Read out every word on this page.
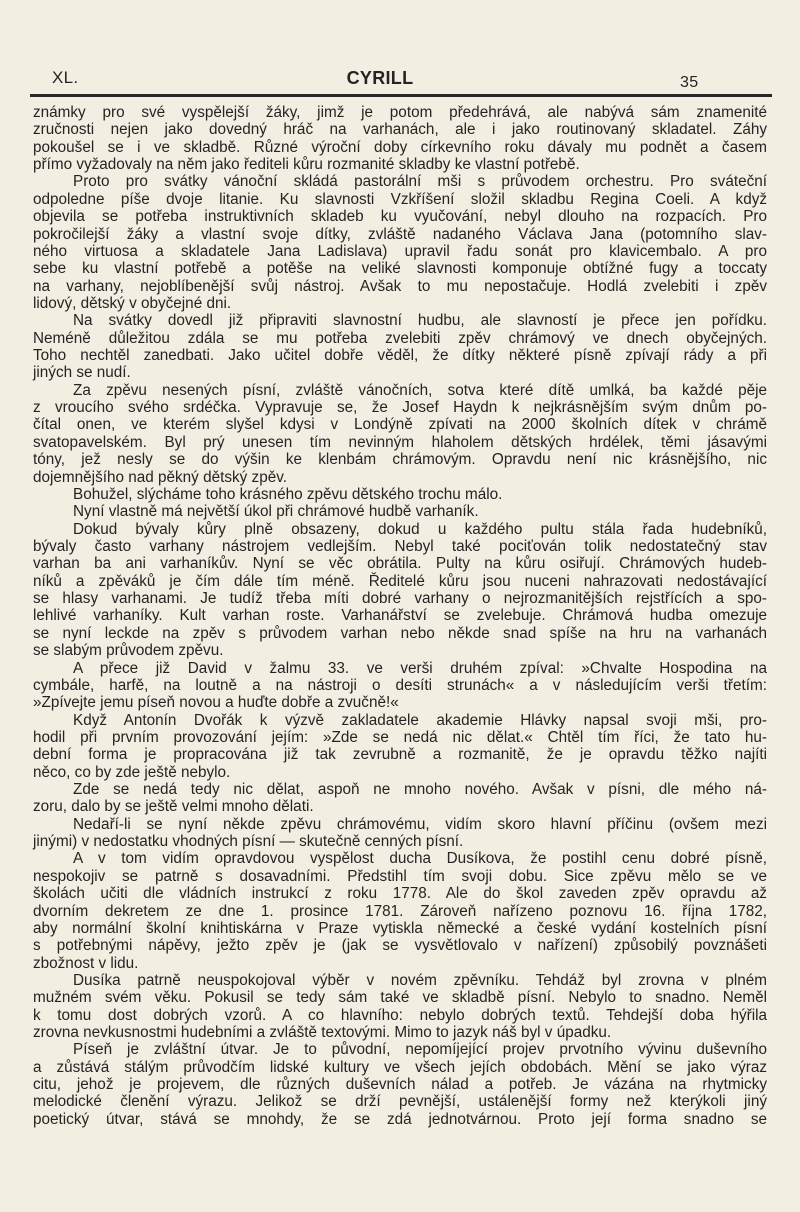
XL.	CYRILL	35
známky pro své vyspělejší žáky, jimž je potom předehrává, ale nabývá sám znamenité
zručnosti nejen jako dovedný hráč na varhanách, ale i jako routinovaný skladatel. Záhy
pokoušel se i ve skladbě. Různé výroční doby církevního roku dávaly mu podnět a časem
přímo vyžadovaly na něm jako řediteli kůru rozmanité skladby ke vlastní potřebě.
Proto pro svátky vánoční skládá pastorální mši s průvodem orchestru. Pro sváteční
odpoledne píše dvoje litanie. Ku slavnosti Vzkříšení složil skladbu Regina Coeli. A když
objevila se potřeba instruktivních skladeb ku vyučování, nebyl dlouho na rozpacích. Pro
pokročilejší žáky a vlastní svoje dítky, zvláště nadaného Václava Jana (potomního slav-
ného virtuosa a skladatele Jana Ladislava) upravil řadu sonát pro klavicembalo. A pro
sebe ku vlastní potřebě a potěše na veliké slavnosti komponuje obtížné fugy a toccaty
na varhany, nejoblíbenější svůj nástroj. Avšak to mu nepostačuje. Hodlá zvelebiti i zpěv
lidový, dětský v obyčejné dni.
Na svátky dovedl již připraviti slavnostní hudbu, ale slavností je přece jen pořídku.
Neméně důležitou zdála se mu potřeba zvelebiti zpěv chrámový ve dnech obyčejných.
Toho nechtěl zanedbati. Jako učitel dobře věděl, že dítky některé písně zpívají rády a při
jiných se nudí.
Za zpěvu nesených písní, zvláště vánočních, sotva které dítě umlká, ba každé pěje
z vroucího svého srdéčka. Vypravuje se, že Josef Haydn k nejkrásnějším svým dnům po-
čítal onen, ve kterém slyšel kdysi v Londýně zpívati na 2000 školních dítek v chrámě
svatopavelském. Byl prý unesen tím nevinným hlaholem dětských hrdélek, těmi jásavými
tóny, jež nesly se do výšin ke klenbám chrámovým. Opravdu není nic krásnějšího, nic
dojemnějšího nad pěkný dětský zpěv.
Bohužel, slýcháme toho krásného zpěvu dětského trochu málo.
Nyní vlastně má největší úkol při chrámové hudbě varhaník.
Dokud bývaly kůry plně obsazeny, dokud u každého pultu stála řada hudebníků,
bývaly často varhany nástrojem vedlejším. Nebyl také pociťován tolik nedostatečný stav
varhan ba ani varhaníkův. Nyní se věc obrátila. Pulty na kůru osiřují. Chrámových hudeb-
níků a zpěváků je čím dále tím méně. Ředitelé kůru jsou nuceni nahrazovati nedostávající
se hlasy varhanami. Je tudíž třeba míti dobré varhany o nejrozmanitějších rejstřících a spo-
lehlivé varhaníky. Kult varhan roste. Varhanářství se zvelebuje. Chrámová hudba omezuje
se nyní leckde na zpěv s průvodem varhan nebo někde snad spíše na hru na varhanách
se slabým průvodem zpěvu.
A přece již David v žalmu 33. ve verši druhém zpíval: »Chvalte Hospodina na
cymbále, harfě, na loutně a na nástroji o desíti strunách« a v následujícím verši třetím:
»Zpívejte jemu píseň novou a huďte dobře a zvučně!«
Když Antonín Dvořák k výzvě zakladatele akademie Hlávky napsal svoji mši, pro-
hodil při prvním provozování jejím: »Zde se nedá nic dělat.« Chtěl tím říci, že tato hu-
dební forma je propracována již tak zevrubně a rozmanitě, že je opravdu těžko najíti
něco, co by zde ještě nebylo.
Zde se nedá tedy nic dělat, aspoň ne mnoho nového. Avšak v písni, dle mého ná-
zoru, dalo by se ještě velmi mnoho dělati.
Nedaří-li se nyní někde zpěvu chrámovému, vidím skoro hlavní příčinu (ovšem mezi
jinými) v nedostatku vhodných písní — skutečně cenných písní.
A v tom vidím opravdovou vyspělost ducha Dusíkova, že postihl cenu dobré písně,
nespokojiv se patrně s dosavadními. Předstihl tím svoji dobu. Sice zpěvu mělo se ve
školách učiti dle vládních instrukcí z roku 1778. Ale do škol zaveden zpěv opravdu až
dvorním dekretem ze dne 1. prosince 1781. Zároveň nařízeno poznovu 16. října 1782,
aby normální školní knihtiskárna v Praze vytiskla německé a české vydání kostelních písní
s potřebnými nápěvy, ježto zpěv je (jak se vysvětlovalo v nařízení) způsobilý povznášeti
zbožnost v lidu.
Dusíka patrně neuspokojoval výběr v novém zpěvníku. Tehdáž byl zrovna v plném
mužném svém věku. Pokusil se tedy sám také ve skladbě písní. Nebylo to snadno. Neměl
k tomu dost dobrých vzorů. A co hlavního: nebylo dobrých textů. Tehdejší doba hýřila
zrovna nevkusnostmi hudebními a zvláště textovými. Mimo to jazyk náš byl v úpadku.
Píseň je zvláštní útvar. Je to původní, nepomíjející projev prvotního vývinu duševního
a zůstává stálým průvodčím lidské kultury ve všech jejích obdobách. Mění se jako výraz
citu, jehož je projevem, dle různých duševních nálad a potřeb. Je vázána na rhytmicky
melodické členění výrazu. Jelikož se drží pevnější, ustálenější formy než kterýkoli jiný
poetický útvar, stává se mnohdy, že se zdá jednotvárnou. Proto její forma snadno se
